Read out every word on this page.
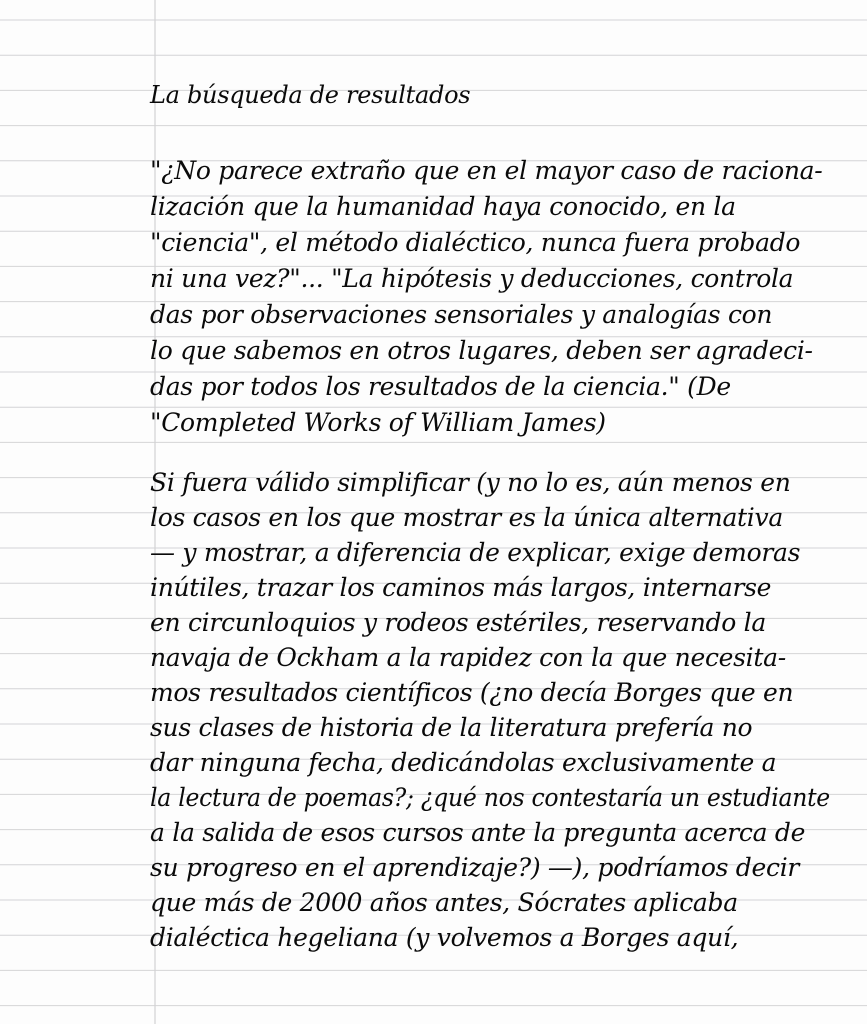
La búsqueda de resultados
"¿No parece extraño que en el mayor caso de raciona-
lización que la humanidad haya conocido, en la
"ciencia", el método dialéctico, nunca fuera probado
ni una vez?"... "La hipótesis y deducciones, controla
das por observaciones sensoriales y analogías con
lo que sabemos en otros lugares, deben ser agradeci-
das por todos los resultados de la ciencia." (De
"Completed Works of William James)
Si fuera válido simplificar (y no lo es, aún menos en
los casos en los que mostrar es la única alternativa
— y mostrar, a diferencia de explicar, exige demoras
inútiles, trazar los caminos más largos, internarse
en circunloquios y rodeos estériles, reservando la
navaja de Ockham a la rapidez con la que necesita-
mos resultados científicos (¿no decía Borges que en
sus clases de historia de la literatura prefería no
dar ninguna fecha, dedicándolas exclusivamente a
la lectura de poemas?; ¿qué nos contestaría un estudiante
a la salida de esos cursos ante la pregunta acerca de
su progreso en el aprendizaje?) —), podríamos decir
que más de 2000 años antes, Sócrates aplicaba
dialéctica hegeliana (y volvemos a Borges aquí,
